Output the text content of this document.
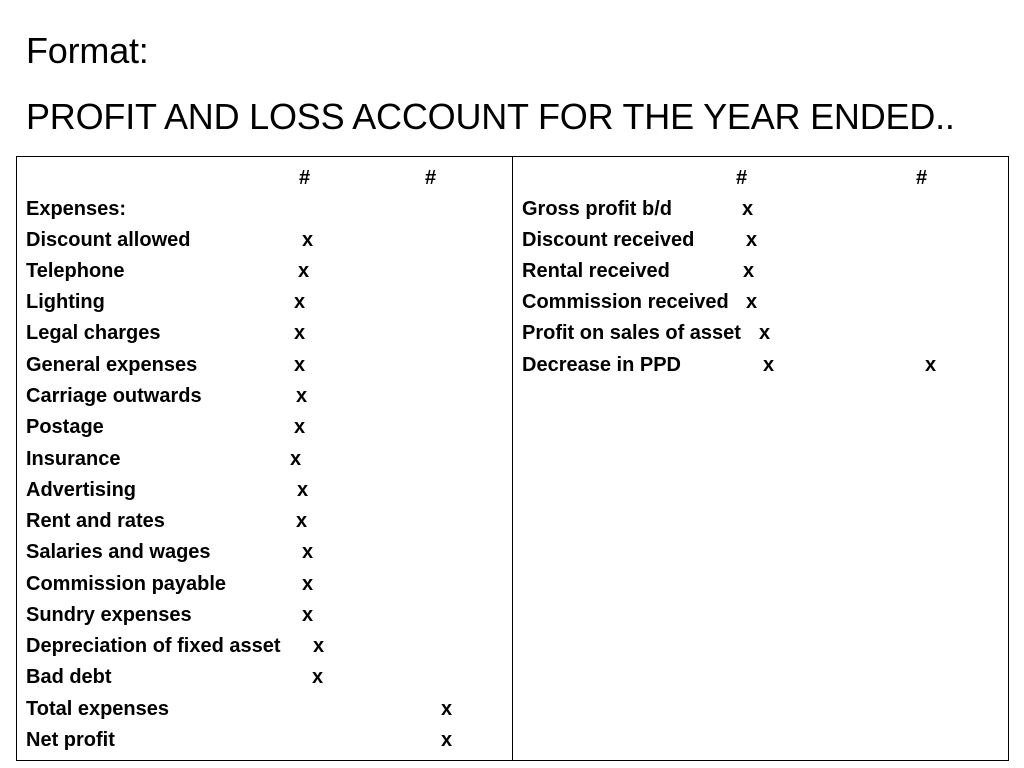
Format:
PROFIT AND LOSS ACCOUNT FOR THE YEAR ENDED..
#	#
Expenses:
Discount allowed	x
Telephone	x
Lighting	x
Legal charges	x
General expenses	x
Carriage outwards	x
Postage	x
Insurance	x
Advertising	x
Rent and rates	x
Salaries and wages	x
Commission payable	x
Sundry expenses	x
Depreciation of fixed asset x
Bad debt	x
Total expenses	x
Net profit	x
#	#
Gross profit b/d	x
Discount received	x
Rental received	x
Commission received x
Profit on sales of asset x
Decrease in PPD	x	x
